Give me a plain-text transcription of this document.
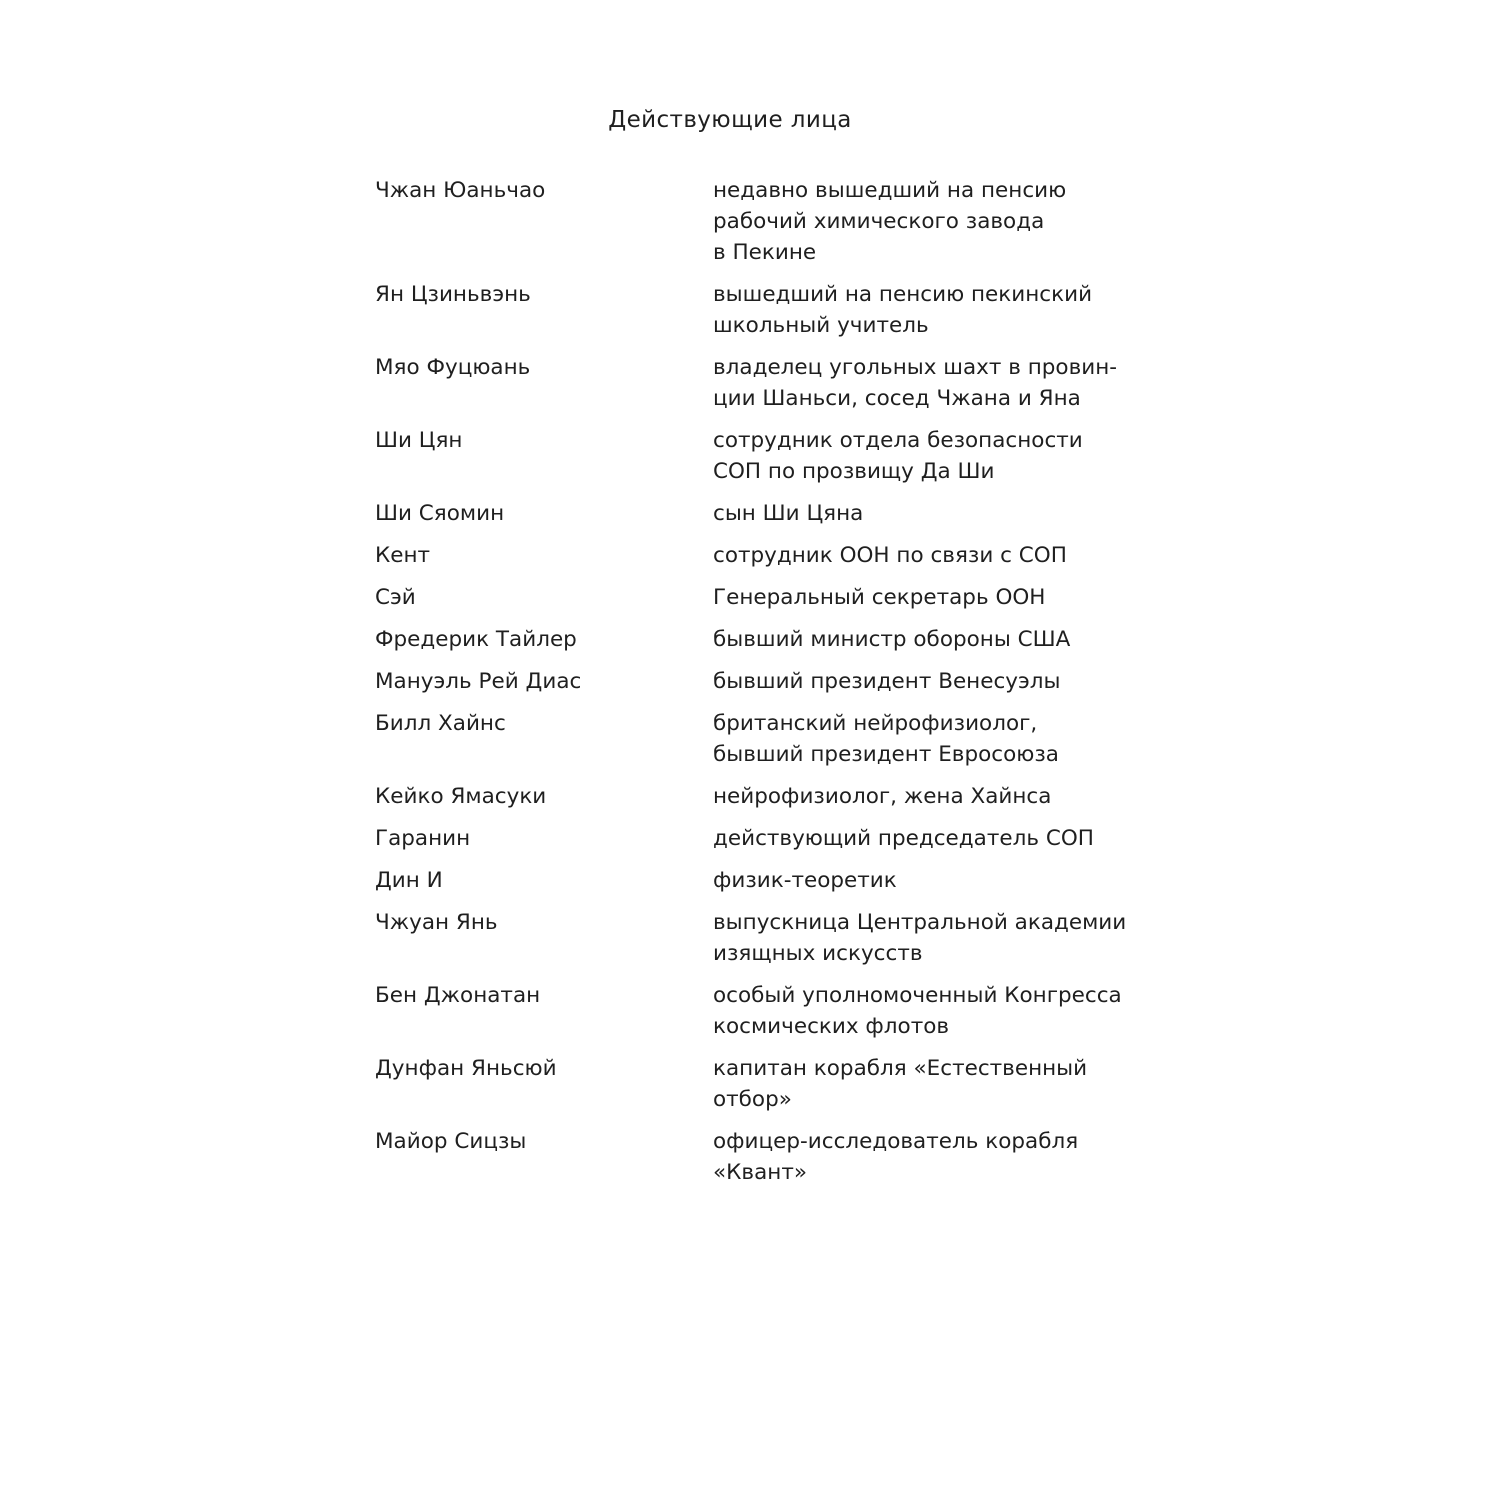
Действующие лица
Чжан Юаньчао	недавно вышедший на пенсию
рабочий химического завода
в Пекине
Ян Цзиньвэнь	вышедший на пенсию пекинский
школьный учитель
Мяо Фуцюань	владелец угольных шахт в провин-
ции Шаньси, сосед Чжана и Яна
Ши Цян	сотрудник отдела безопасности
СОП по прозвищу Да Ши
Ши Сяомин	сын Ши Цяна
Кент	сотрудник ООН по связи с СОП
Сэй	Генеральный секретарь ООН
Фредерик Тайлер	бывший министр обороны США
Мануэль Рей Диас	бывший президент Венесуэлы
Билл Хайнс	британский нейрофизиолог,
бывший президент Евросоюза
Кейко Ямасуки	нейрофизиолог, жена Хайнса
Гаранин	действующий председатель СОП
Дин И	физик-теоретик
Чжуан Янь	выпускница Центральной академии
изящных искусств
Бен Джонатан	особый уполномоченный Конгресса
космических флотов
Дунфан Яньсюй	капитан корабля «Естественный
отбор»
Майор Сицзы	офицер-исследователь корабля
«Квант»
